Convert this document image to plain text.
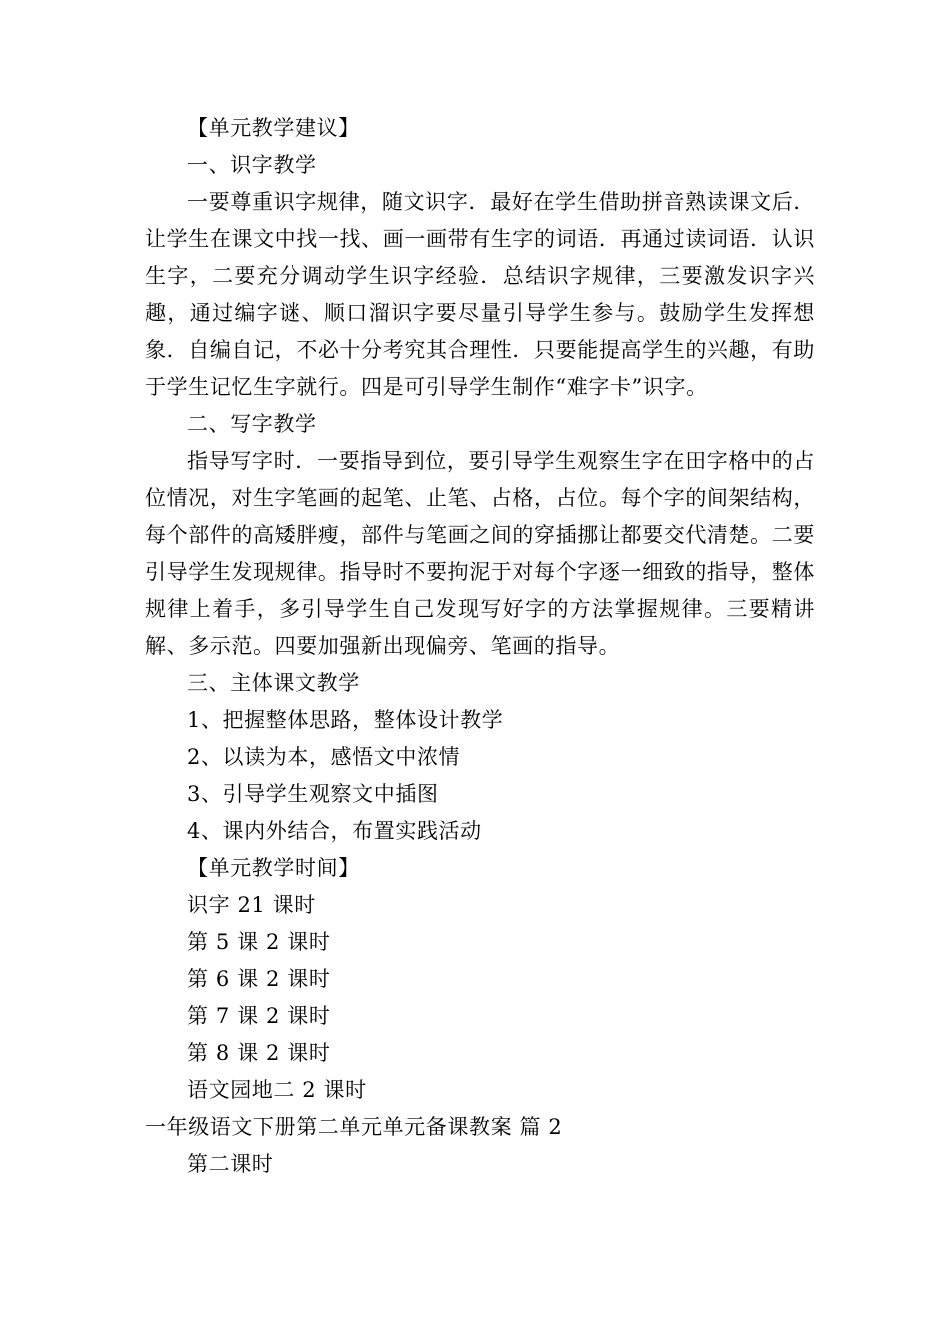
【单元教学建议】

一、识字教学

一要尊重识字规律，随文识字．最好在学生借助拼音熟读课文后．让学生在课文中找一找、画一画带有生字的词语．再通过读词语．认识生字，二要充分调动学生识字经验．总结识字规律，三要激发识字兴趣，通过编字谜、顺口溜识字要尽量引导学生参与。鼓励学生发挥想象．自编自记，不必十分考究其合理性．只要能提高学生的兴趣，有助于学生记忆生字就行。四是可引导学生制作“难字卡”识字。

二、写字教学

指导写字时．一要指导到位，要引导学生观察生字在田字格中的占位情况，对生字笔画的起笔、止笔、占格，占位。每个字的间架结构，每个部件的高矮胖瘦，部件与笔画之间的穿插挪让都要交代清楚。二要引导学生发现规律。指导时不要拘泥于对每个字逐一细致的指导，整体规律上着手，多引导学生自己发现写好字的方法掌握规律。三要精讲解、多示范。四要加强新出现偏旁、笔画的指导。

三、主体课文教学

1、把握整体思路，整体设计教学

2、以读为本，感悟文中浓情

3、引导学生观察文中插图

4、课内外结合，布置实践活动

【单元教学时间】

识字 21 课时

第 5 课 2 课时

第 6 课 2 课时

第 7 课 2 课时

第 8 课 2 课时

语文园地二 2 课时

一年级语文下册第二单元单元备课教案 篇 2

第二课时
